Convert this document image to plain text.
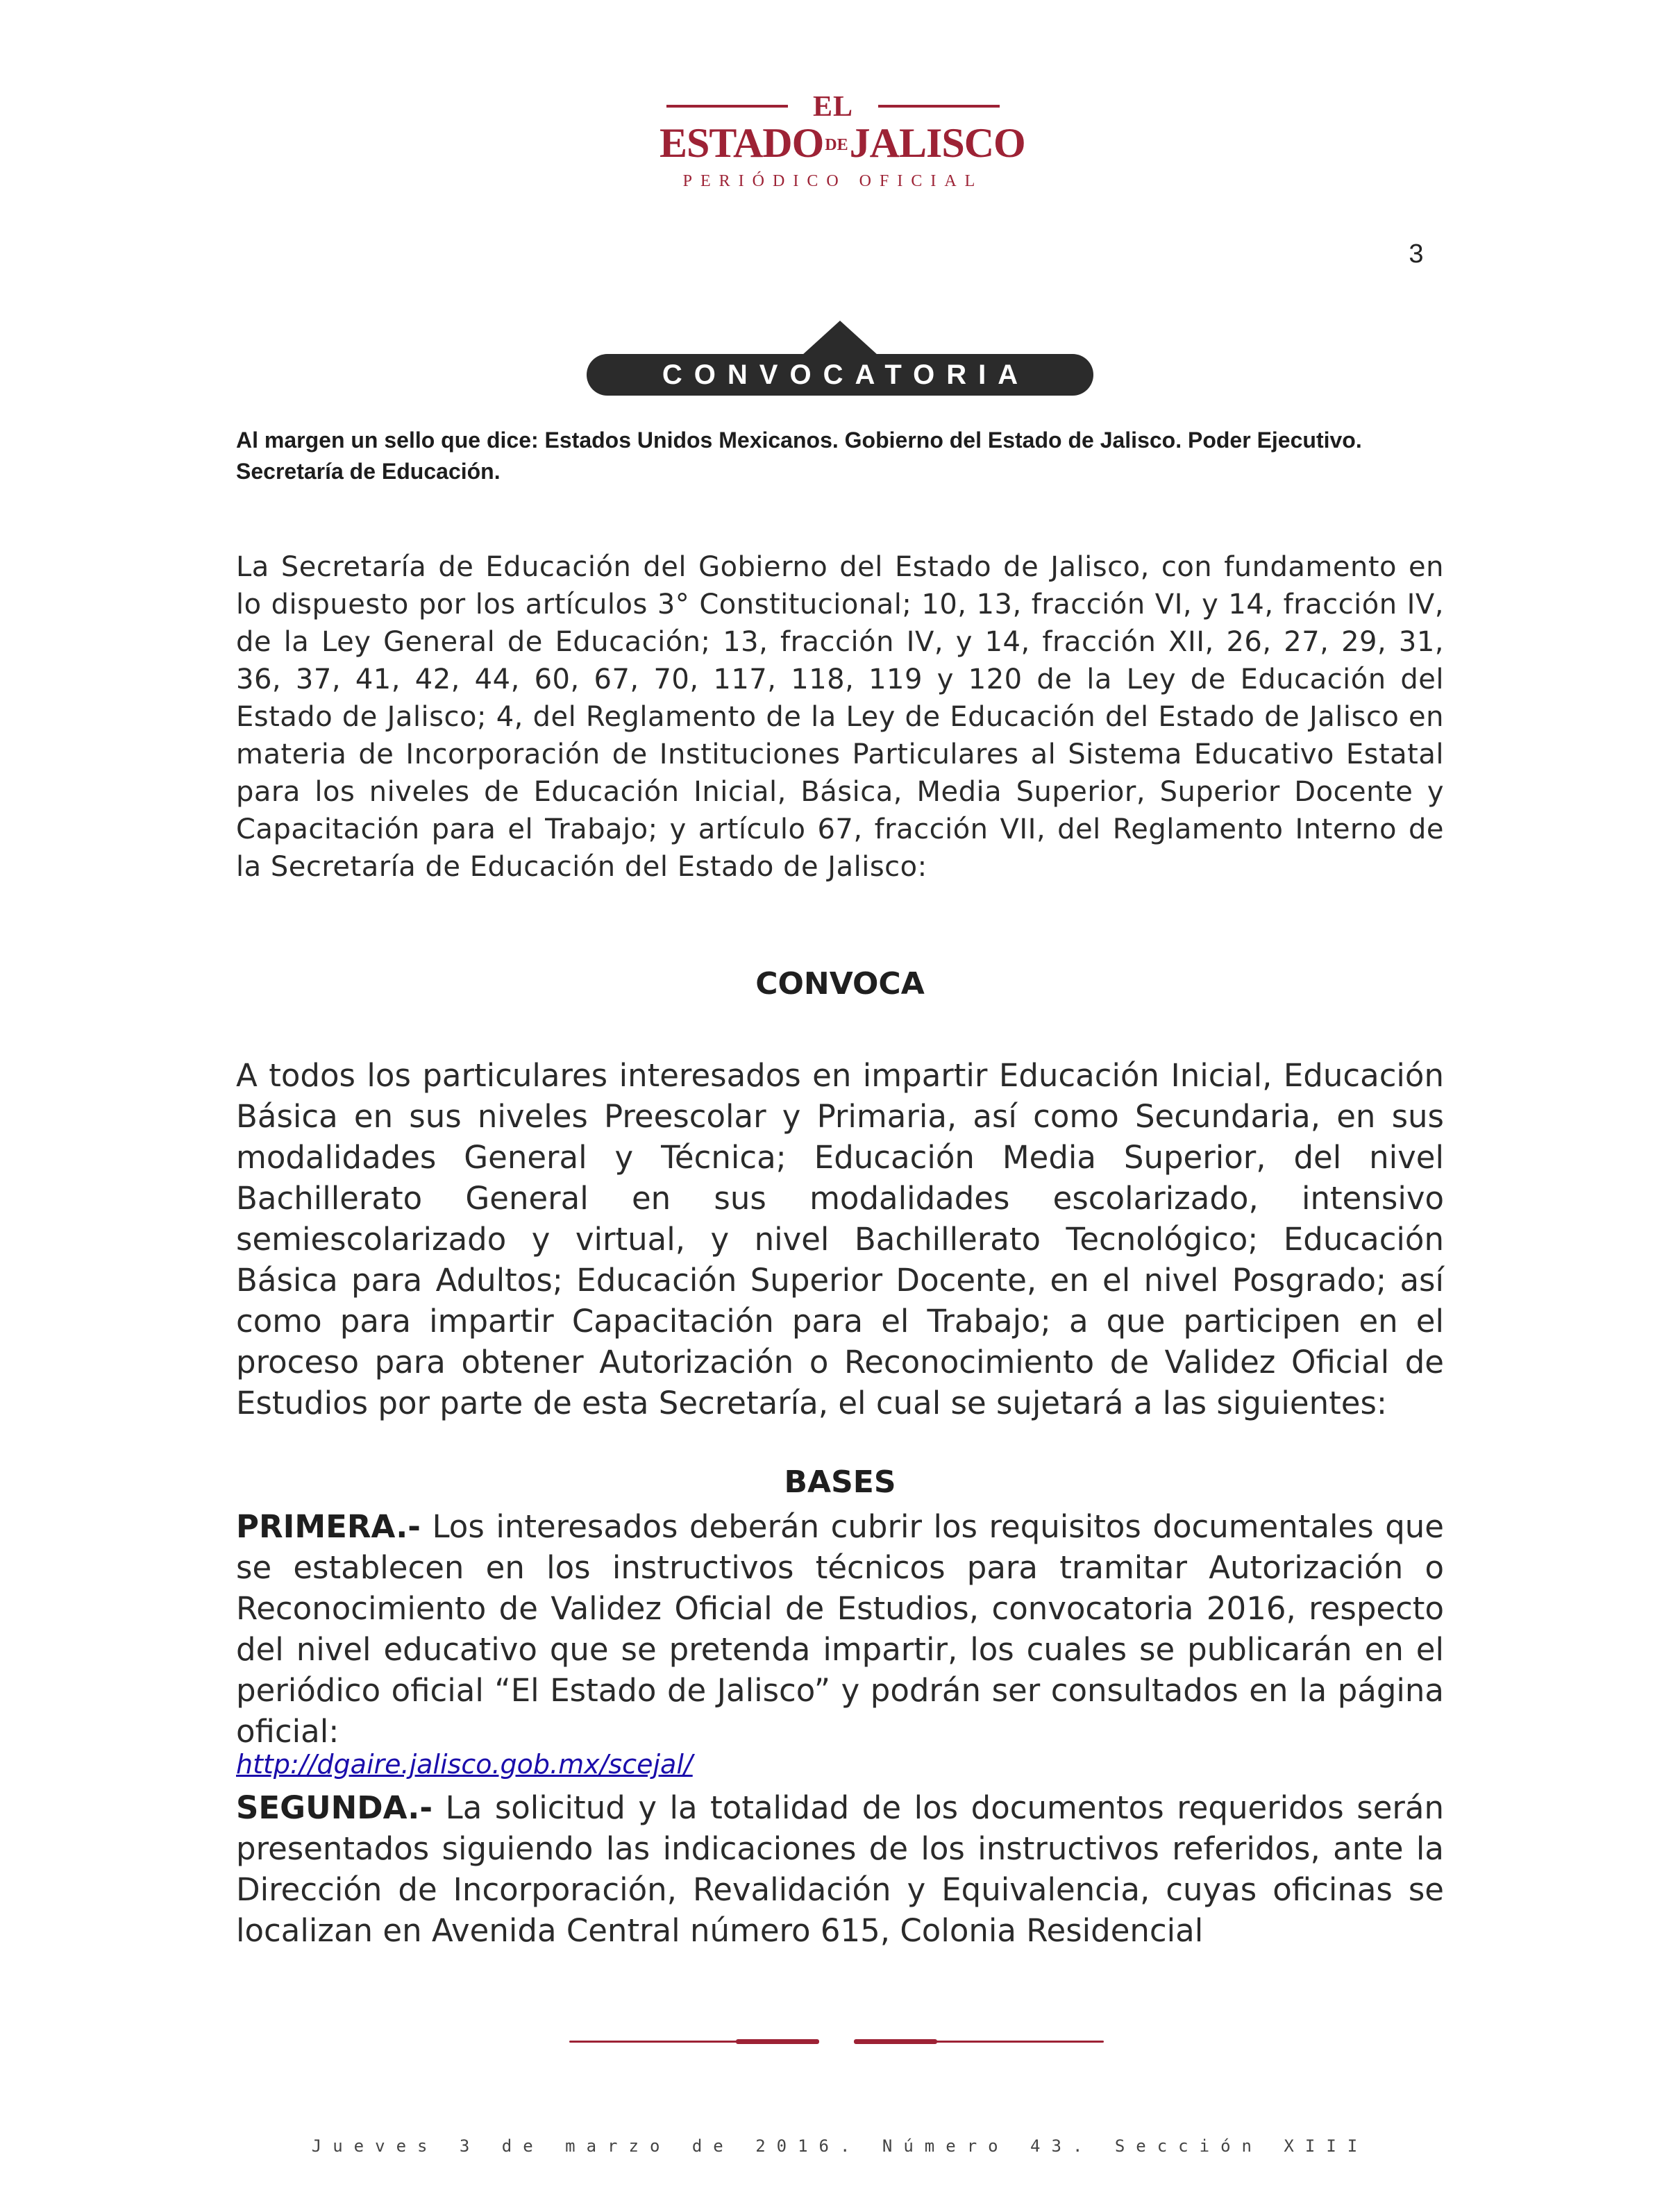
EL
ESTADODEJALISCO
PERIÓDICO OFICIAL
3
CONVOCATORIA
Al margen un sello que dice: Estados Unidos Mexicanos. Gobierno del Estado de Jalisco. Poder Ejecutivo. Secretaría de Educación.
La Secretaría de Educación del Gobierno del Estado de Jalisco, con fundamento en lo dispuesto por los artículos 3° Constitucional; 10, 13, fracción VI, y 14, fracción IV, de la Ley General de Educación; 13, fracción IV, y 14, fracción XII, 26, 27, 29, 31, 36, 37, 41, 42, 44, 60, 67, 70, 117, 118, 119 y 120 de la Ley de Educación del Estado de Jalisco; 4, del Reglamento de la Ley de Educación del Estado de Jalisco en materia de Incorporación de Instituciones Particulares al Sistema Educativo Estatal para los niveles de Educación Inicial, Básica, Media Superior, Superior Docente y Capacitación para el Trabajo; y artículo 67, fracción VII, del Reglamento Interno de la Secretaría de Educación del Estado de Jalisco:
CONVOCA
A todos los particulares interesados en impartir Educación Inicial, Educación Básica en sus niveles Preescolar y Primaria, así como Secundaria, en sus modalidades General y Técnica; Educación Media Superior, del nivel Bachillerato General en sus modalidades escolarizado, intensivo semiescolarizado y virtual, y nivel Bachillerato Tecnológico; Educación Básica para Adultos; Educación Superior Docente, en el nivel Posgrado; así como para impartir Capacitación para el Trabajo; a que participen en el proceso para obtener Autorización o Reconocimiento de Validez Oficial de Estudios por parte de esta Secretaría, el cual se sujetará a las siguientes:
BASES
PRIMERA.- Los interesados deberán cubrir los requisitos documentales que se establecen en los instructivos técnicos para tramitar Autorización o Reconocimiento de Validez Oficial de Estudios, convocatoria 2016, respecto del nivel educativo que se pretenda impartir, los cuales se publicarán en el periódico oficial “El Estado de Jalisco” y podrán ser consultados en la página oficial:
http://dgaire.jalisco.gob.mx/scejal/
SEGUNDA.- La solicitud y la totalidad de los documentos requeridos serán presentados siguiendo las indicaciones de los instructivos referidos, ante la Dirección de Incorporación, Revalidación y Equivalencia, cuyas oficinas se localizan en Avenida Central número 615, Colonia Residencial
Jueves 3 de marzo de 2016. Número 43. Sección XIII
